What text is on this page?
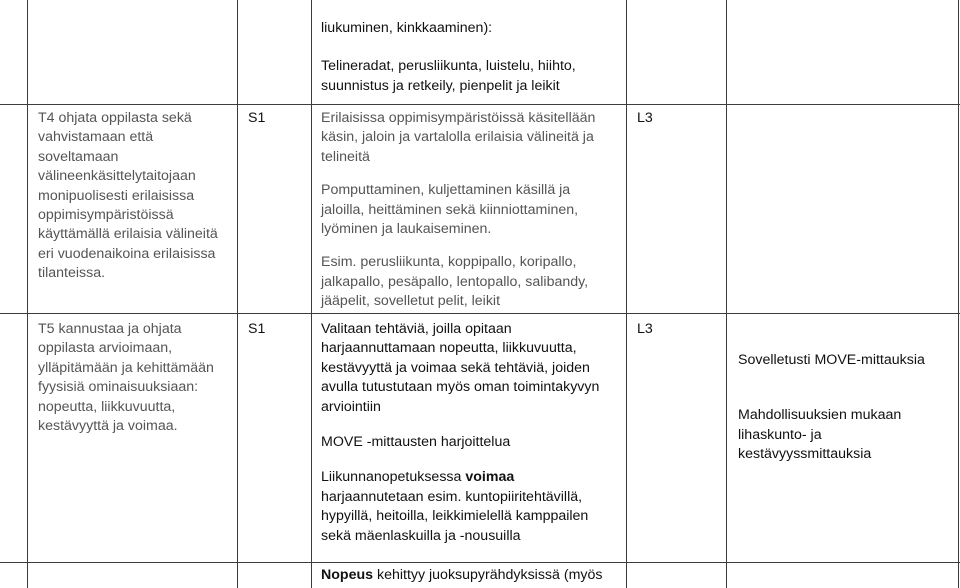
liukuminen, kinkkaaminen):

Telineradat, perusliikunta, luistelu, hiihto,

suunnistus ja retkeily, pienpelit ja leikit

T4 ohjata oppilasta sekä

vahvistamaan että

soveltamaan

välineenkäsittelytaitojaan

monipuolisesti erilaisissa

oppimisympäristöissä

käyttämällä erilaisia välineitä

eri vuodenaikoina erilaisissa

tilanteissa.

S1	Erilaisissa oppimisympäristöissä käsitellään

käsin, jaloin ja vartalolla erilaisia välineitä ja

telineitä

Pomputtaminen, kuljettaminen käsillä ja

jaloilla, heittäminen sekä kiinniottaminen,

lyöminen ja laukaiseminen.

Esim. perusliikunta, koppipallo, koripallo,

jalkapallo, pesäpallo, lentopallo, salibandy,

jääpelit, sovelletut pelit, leikit

L3

T5 kannustaa ja ohjata

oppilasta arvioimaan,

ylläpitämään ja kehittämään

fyysisiä ominaisuuksiaan:

nopeutta, liikkuvuutta,

kestävyyttä ja voimaa.

S1	Valitaan tehtäviä, joilla opitaan

harjaannuttamaan nopeutta, liikkuvuutta,

kestävyyttä ja voimaa sekä tehtäviä, joiden

avulla tutustutaan myös oman toimintakyvyn

arviointiin

MOVE -mittausten harjoittelua

Liikunnanopetuksessa voimaa

harjaannutetaan esim. kuntopiiritehtävillä,

hypyillä, heitoilla, leikkimielellä kamppailen

sekä mäenlaskuilla ja -nousuilla

Nopeus kehittyy juoksupyrähdyksissä (myös
L3

Sovelletusti MOVE-mittauksia

Mahdollisuuksien mukaan

lihaskunto- ja

kestävyyssmittauksia
